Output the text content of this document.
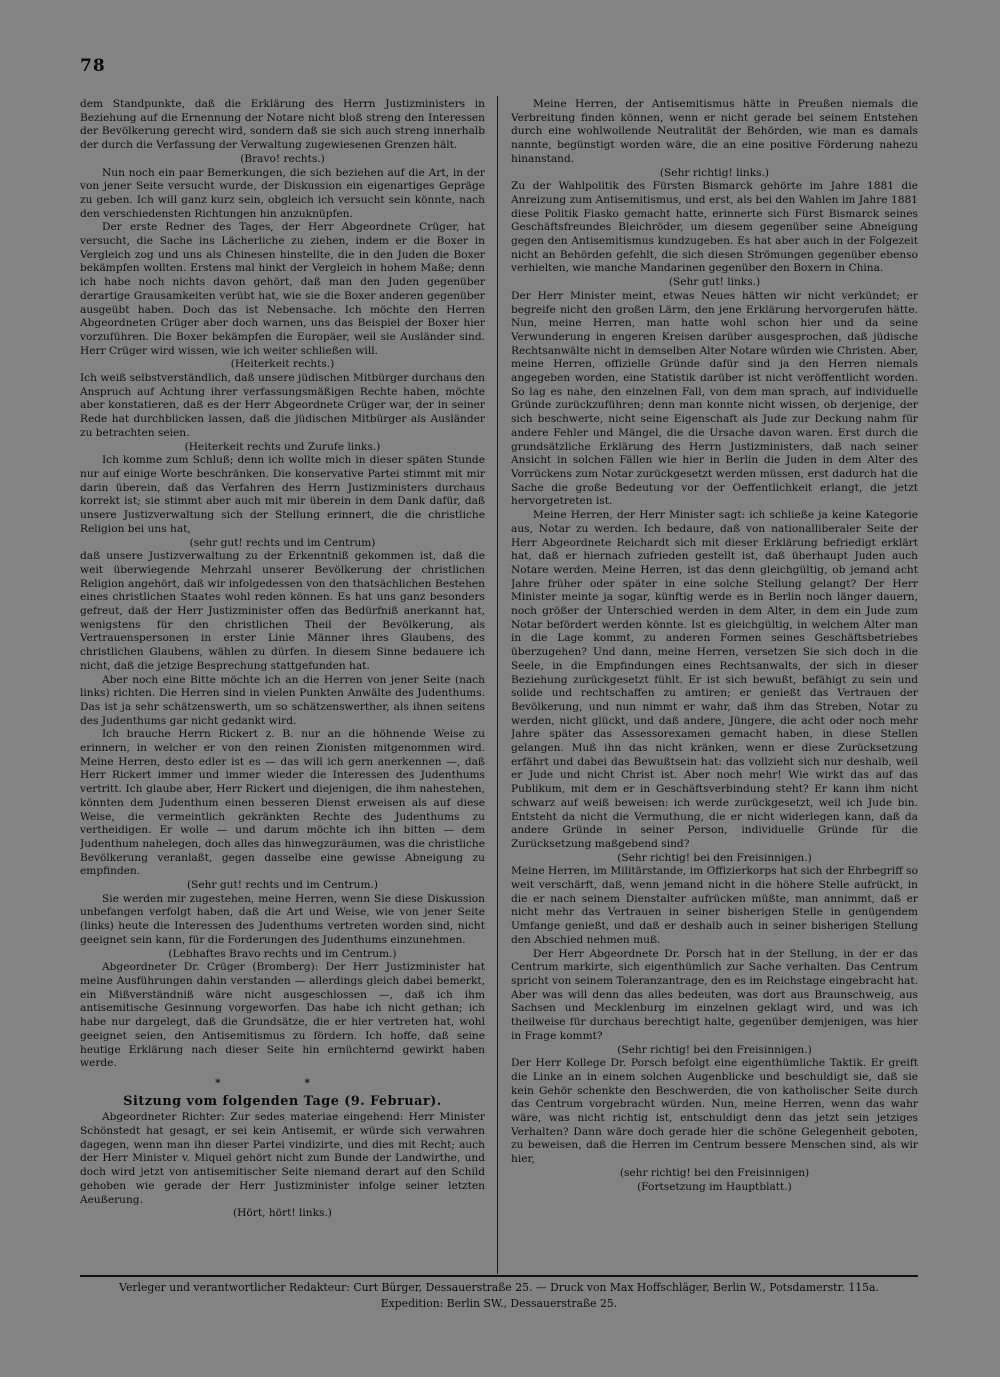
78

dem Standpunkte, daß die Erklärung des Herrn Justizministers in Beziehung auf die Ernennung der Notare nicht bloß streng den Interessen der Bevölkerung gerecht wird, sondern daß sie sich auch streng innerhalb der durch die Verfassung der Verwaltung zugewiesenen Grenzen hält.

(Bravo! rechts.)

Nun noch ein paar Bemerkungen, die sich beziehen auf die Art, in der von jener Seite versucht wurde, der Diskussion ein eigenartiges Gepräge zu geben. Ich will ganz kurz sein, obgleich ich versucht sein könnte, nach den verschiedensten Richtungen hin anzuknüpfen.

Der erste Redner des Tages, der Herr Abgeordnete Crüger, hat versucht, die Sache ins Lächerliche zu ziehen, indem er die Boxer in Vergleich zog und uns als Chinesen hinstellte, die in den Juden die Boxer bekämpfen wollten. Erstens mal hinkt der Vergleich in hohem Maße; denn ich habe noch nichts davon gehört, daß man den Juden gegenüber derartige Grausamkeiten verübt hat, wie sie die Boxer anderen gegenüber ausgeübt haben. Doch das ist Nebensache. Ich möchte den Herren Abgeordneten Crüger aber doch warnen, uns das Beispiel der Boxer hier vorzuführen. Die Boxer bekämpfen die Europäer, weil sie Ausländer sind. Herr Crüger wird wissen, wie ich weiter schließen will.

(Heiterkeit rechts.)

Ich weiß selbstverständlich, daß unsere jüdischen Mitbürger durchaus den Anspruch auf Achtung ihrer verfassungsmäßigen Rechte haben, möchte aber konstatieren, daß es der Herr Abgeordnete Crüger war, der in seiner Rede hat durchblicken lassen, daß die jüdischen Mitbürger als Ausländer zu betrachten seien.

(Heiterkeit rechts und Zurufe links.)

Ich komme zum Schluß; denn ich wollte mich in dieser späten Stunde nur auf einige Worte beschränken. Die konservative Partei stimmt mit mir darin überein, daß das Verfahren des Herrn Justizministers durchaus korrekt ist; sie stimmt aber auch mit mir überein in dem Dank dafür, daß unsere Justizverwaltung sich der Stellung erinnert, die die christliche Religion bei uns hat,

(sehr gut! rechts und im Centrum)

daß unsere Justizverwaltung zu der Erkenntniß gekommen ist, daß die weit überwiegende Mehrzahl unserer Bevölkerung der christlichen Religion angehört, daß wir infolgedessen von den thatsächlichen Bestehen eines christlichen Staates wohl reden können. Es hat uns ganz besonders gefreut, daß der Herr Justizminister offen das Bedürfniß anerkannt hat, wenigstens für den christlichen Theil der Bevölkerung, als Vertrauenspersonen in erster Linie Männer ihres Glaubens, des christlichen Glaubens, wählen zu dürfen. In diesem Sinne bedauere ich nicht, daß die jetzige Besprechung stattgefunden hat.

Aber noch eine Bitte möchte ich an die Herren von jener Seite (nach links) richten. Die Herren sind in vielen Punkten Anwälte des Judenthums. Das ist ja sehr schätzenswerth, um so schätzenswerther, als ihnen seitens des Judenthums gar nicht gedankt wird.

Ich brauche Herrn Rickert z. B. nur an die höhnende Weise zu erinnern, in welcher er von den reinen Zionisten mitgenommen wird. Meine Herren, desto edler ist es — das will ich gern anerkennen —, daß Herr Rickert immer und immer wieder die Interessen des Judenthums vertritt. Ich glaube aber, Herr Rickert und diejenigen, die ihm nahestehen, könnten dem Judenthum einen besseren Dienst erweisen als auf diese Weise, die vermeintlich gekränkten Rechte des Judenthums zu vertheidigen. Er wolle — und darum möchte ich ihn bitten — dem Judenthum nahelegen, doch alles das hinwegzuräumen, was die christliche Bevölkerung veranlaßt, gegen dasselbe eine gewisse Abneigung zu empfinden.

(Sehr gut! rechts und im Centrum.)

Sie werden mir zugestehen, meine Herren, wenn Sie diese Diskussion unbefangen verfolgt haben, daß die Art und Weise, wie von jener Seite (links) heute die Interessen des Judenthums vertreten worden sind, nicht geeignet sein kann, für die Forderungen des Judenthums einzunehmen.

(Lebhaftes Bravo rechts und im Centrum.)

Abgeordneter Dr. Crüger (Bromberg): Der Herr Justizminister hat meine Ausführungen dahin verstanden — allerdings gleich dabei bemerkt, ein Mißverständniß wäre nicht ausgeschlossen —, daß ich ihm antisemitische Gesinnung vorgeworfen. Das habe ich nicht gethan; ich habe nur dargelegt, daß die Grundsätze, die er hier vertreten hat, wohl geeignet seien, den Antisemitismus zu fördern. Ich hoffe, daß seine heutige Erklärung nach dieser Seite hin ernüchternd gewirkt haben werde.

* *

Sitzung vom folgenden Tage (9. Februar).

Abgeordneter Richter: Zur sedes materiae eingehend: Herr Minister Schönstedt hat gesagt, er sei kein Antisemit, er würde sich verwahren dagegen, wenn man ihn dieser Partei vindizirte, und dies mit Recht; auch der Herr Minister v. Miquel gehört nicht zum Bunde der Landwirthe, und doch wird jetzt von antisemitischer Seite niemand derart auf den Schild gehoben wie gerade der Herr Justizminister infolge seiner letzten Aeußerung.

(Hört, hört! links.)

Meine Herren, der Antisemitismus hätte in Preußen niemals die Verbreitung finden können, wenn er nicht gerade bei seinem Entstehen durch eine wohlwollende Neutralität der Behörden, wie man es damals nannte, begünstigt worden wäre, die an eine positive Förderung nahezu hinanstand.

(Sehr richtig! links.)

Zu der Wahlpolitik des Fürsten Bismarck gehörte im Jahre 1881 die Anreizung zum Antisemitismus, und erst, als bei den Wahlen im Jahre 1881 diese Politik Fiasko gemacht hatte, erinnerte sich Fürst Bismarck seines Geschäftsfreundes Bleichröder, um diesem gegenüber seine Abneigung gegen den Antisemitismus kundzugeben. Es hat aber auch in der Folgezeit nicht an Behörden gefehlt, die sich diesen Strömungen gegenüber ebenso verhielten, wie manche Mandarinen gegenüber den Boxern in China.

(Sehr gut! links.)

Der Herr Minister meint, etwas Neues hätten wir nicht verkündet; er begreife nicht den großen Lärm, den jene Erklärung hervorgerufen hätte. Nun, meine Herren, man hatte wohl schon hier und da seine Verwunderung in engeren Kreisen darüber ausgesprochen, daß jüdische Rechtsanwälte nicht in demselben Alter Notare würden wie Christen. Aber, meine Herren, offizielle Gründe dafür sind ja den Herren niemals angegeben worden, eine Statistik darüber ist nicht veröffentlicht worden. So lag es nahe, den einzelnen Fall, von dem man sprach, auf individuelle Gründe zurückzuführen; denn man konnte nicht wissen, ob derjenige, der sich beschwerte, nicht seine Eigenschaft als Jude zur Deckung nahm für andere Fehler und Mängel, die die Ursache davon waren. Erst durch die grundsätzliche Erklärung des Herrn Justizministers, daß nach seiner Ansicht in solchen Fällen wie hier in Berlin die Juden in dem Alter des Vorrückens zum Notar zurückgesetzt werden müssen, erst dadurch hat die Sache die große Bedeutung vor der Oeffentlichkeit erlangt, die jetzt hervorgetreten ist.

Meine Herren, der Herr Minister sagt: ich schließe ja keine Kategorie aus, Notar zu werden. Ich bedaure, daß von nationalliberaler Seite der Herr Abgeordnete Reichardt sich mit dieser Erklärung befriedigt erklärt hat, daß er hiernach zufrieden gestellt ist, daß überhaupt Juden auch Notare werden. Meine Herren, ist das denn gleichgültig, ob jemand acht Jahre früher oder später in eine solche Stellung gelangt? Der Herr Minister meinte ja sogar, künftig werde es in Berlin noch länger dauern, noch größer der Unterschied werden in dem Alter, in dem ein Jude zum Notar befördert werden könnte. Ist es gleichgültig, in welchem Alter man in die Lage kommt, zu anderen Formen seines Geschäftsbetriebes überzugehen? Und dann, meine Herren, versetzen Sie sich doch in die Seele, in die Empfindungen eines Rechtsanwalts, der sich in dieser Beziehung zurückgesetzt fühlt. Er ist sich bewußt, befähigt zu sein und solide und rechtschaffen zu amtiren; er genießt das Vertrauen der Bevölkerung, und nun nimmt er wahr, daß ihm das Streben, Notar zu werden, nicht glückt, und daß andere, Jüngere, die acht oder noch mehr Jahre später das Assessorexamen gemacht haben, in diese Stellen gelangen. Muß ihn das nicht kränken, wenn er diese Zurücksetzung erfährt und dabei das Bewußtsein hat: das vollzieht sich nur deshalb, weil er Jude und nicht Christ ist. Aber noch mehr! Wie wirkt das auf das Publikum, mit dem er in Geschäftsverbindung steht? Er kann ihm nicht schwarz auf weiß beweisen: ich werde zurückgesetzt, weil ich Jude bin. Entsteht da nicht die Vermuthung, die er nicht widerlegen kann, daß da andere Gründe in seiner Person, individuelle Gründe für die Zurücksetzung maßgebend sind?

(Sehr richtig! bei den Freisinnigen.)

Meine Herren, im Militärstande, im Offizierkorps hat sich der Ehrbegriff so weit verschärft, daß, wenn jemand nicht in die höhere Stelle aufrückt, in die er nach seinem Dienstalter aufrücken müßte, man annimmt, daß er nicht mehr das Vertrauen in seiner bisherigen Stelle in genügendem Umfange genießt, und daß er deshalb auch in seiner bisherigen Stellung den Abschied nehmen muß.

Der Herr Abgeordnete Dr. Porsch hat in der Stellung, in der er das Centrum markirte, sich eigenthümlich zur Sache verhalten. Das Centrum spricht von seinem Toleranzantrage, den es im Reichstage eingebracht hat. Aber was will denn das alles bedeuten, was dort aus Braunschweig, aus Sachsen und Mecklenburg im einzelnen geklagt wird, und was ich theilweise für durchaus berechtigt halte, gegenüber demjenigen, was hier in Frage kommt?

(Sehr richtig! bei den Freisinnigen.)

Der Herr Kollege Dr. Porsch befolgt eine eigenthümliche Taktik. Er greift die Linke an in einem solchen Augenblicke und beschuldigt sie, daß sie kein Gehör schenkte den Beschwerden, die von katholischer Seite durch das Centrum vorgebracht würden. Nun, meine Herren, wenn das wahr wäre, was nicht richtig ist, entschuldigt denn das jetzt sein jetziges Verhalten? Dann wäre doch gerade hier die schöne Gelegenheit geboten, zu beweisen, daß die Herren im Centrum bessere Menschen sind, als wir hier,

(sehr richtig! bei den Freisinnigen)

(Fortsetzung im Hauptblatt.)

Verleger und verantwortlicher Redakteur: Curt Bürger, Dessauerstraße 25. — Druck von Max Hoffschläger, Berlin W., Potsdamerstr. 115a.
Expedition: Berlin SW., Dessauerstraße 25.
